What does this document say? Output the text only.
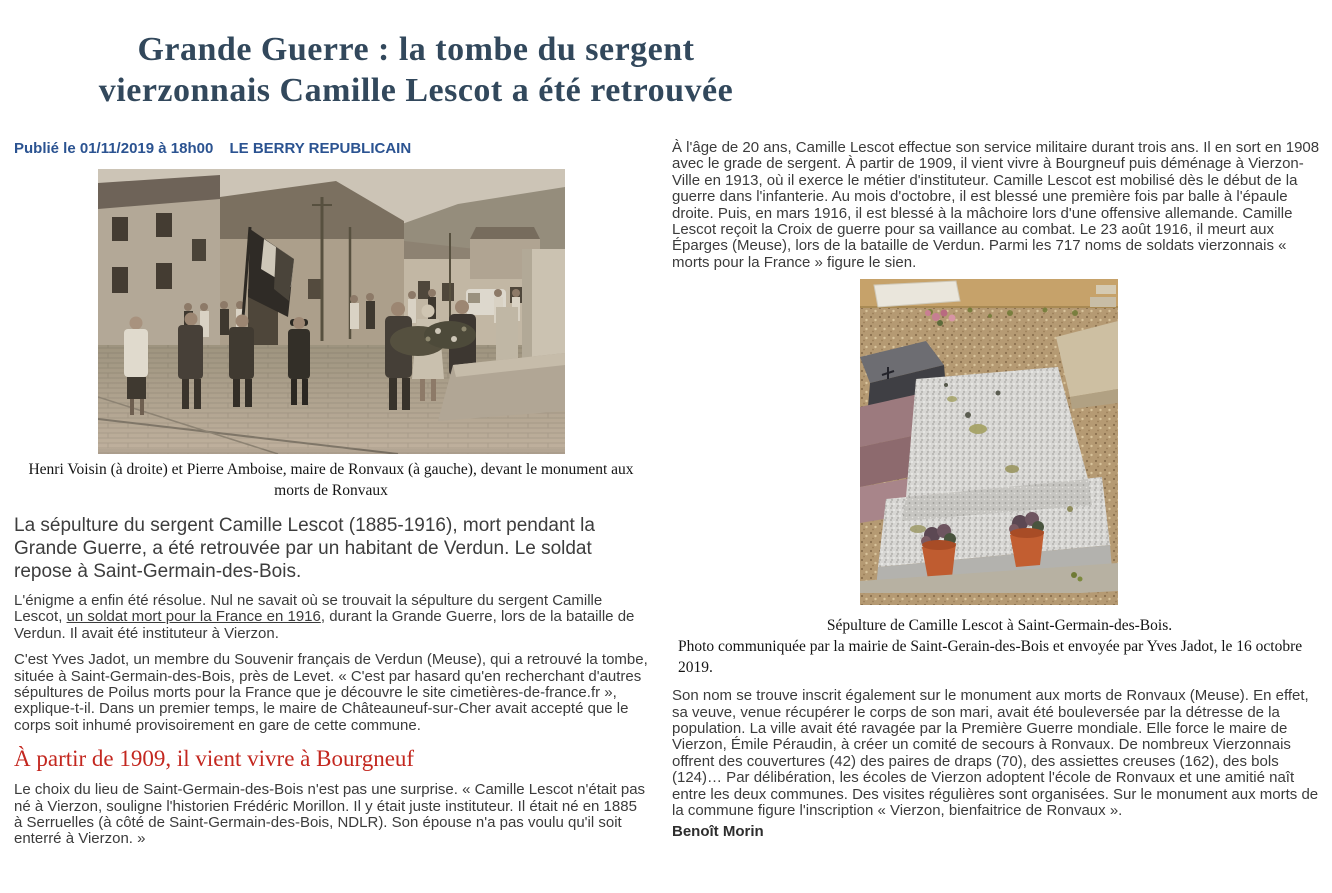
Grande Guerre : la tombe du sergent
vierzonnais Camille Lescot a été retrouvée
Publié le 01/11/2019 à 18h00 LE BERRY REPUBLICAIN
Henri Voisin (à droite) et Pierre Amboise, maire de Ronvaux (à gauche), devant le monument aux morts de Ronvaux

La sépulture du sergent Camille Lescot (1885-1916), mort pendant la Grande Guerre, a été retrouvée par un habitant de Verdun. Le soldat repose à Saint-Germain-des-Bois.

L'énigme a enfin été résolue. Nul ne savait où se trouvait la sépulture du sergent Camille Lescot, un soldat mort pour la France en 1916, durant la Grande Guerre, lors de la bataille de Verdun. Il avait été instituteur à Vierzon.

C'est Yves Jadot, un membre du Souvenir français de Verdun (Meuse), qui a retrouvé la tombe, située à Saint-Germain-des-Bois, près de Levet. « C'est par hasard qu'en recherchant d'autres sépultures de Poilus morts pour la France que je découvre le site cimetières-de-france.fr », explique-t-il. Dans un premier temps, le maire de Châteauneuf-sur-Cher avait accepté que le corps soit inhumé provisoirement en gare de cette commune.

À partir de 1909, il vient vivre à Bourgneuf

Le choix du lieu de Saint-Germain-des-Bois n'est pas une surprise. « Camille Lescot n'était pas né à Vierzon, souligne l'historien Frédéric Morillon. Il y était juste instituteur. Il était né en 1885 à Serruelles (à côté de Saint-Germain-des-Bois, NDLR). Son épouse n'a pas voulu qu'il soit enterré à Vierzon. »

À l'âge de 20 ans, Camille Lescot effectue son service militaire durant trois ans. Il en sort en 1908 avec le grade de sergent. À partir de 1909, il vient vivre à Bourgneuf puis déménage à Vierzon-Ville en 1913, où il exerce le métier d'instituteur. Camille Lescot est mobilisé dès le début de la guerre dans l'infanterie. Au mois d'octobre, il est blessé une première fois par balle à l'épaule droite. Puis, en mars 1916, il est blessé à la mâchoire lors d'une offensive allemande. Camille Lescot reçoit la Croix de guerre pour sa vaillance au combat. Le 23 août 1916, il meurt aux Éparges (Meuse), lors de la bataille de Verdun. Parmi les 717 noms de soldats vierzonnais « morts pour la France » figure le sien.

Sépulture de Camille Lescot à Saint-Germain-des-Bois.
Photo communiquée par la mairie de Saint-Gerain-des-Bois et envoyée par Yves Jadot, le 16 octobre 2019.

Son nom se trouve inscrit également sur le monument aux morts de Ronvaux (Meuse). En effet, sa veuve, venue récupérer le corps de son mari, avait été bouleversée par la détresse de la population. La ville avait été ravagée par la Première Guerre mondiale. Elle force le maire de Vierzon, Émile Péraudin, à créer un comité de secours à Ronvaux. De nombreux Vierzonnais offrent des couvertures (42) des paires de draps (70), des assiettes creuses (162), des bols (124)… Par délibération, les écoles de Vierzon adoptent l'école de Ronvaux et une amitié naît entre les deux communes. Des visites régulières sont organisées. Sur le monument aux morts de la commune figure l'inscription « Vierzon, bienfaitrice de Ronvaux ».

Benoît Morin
